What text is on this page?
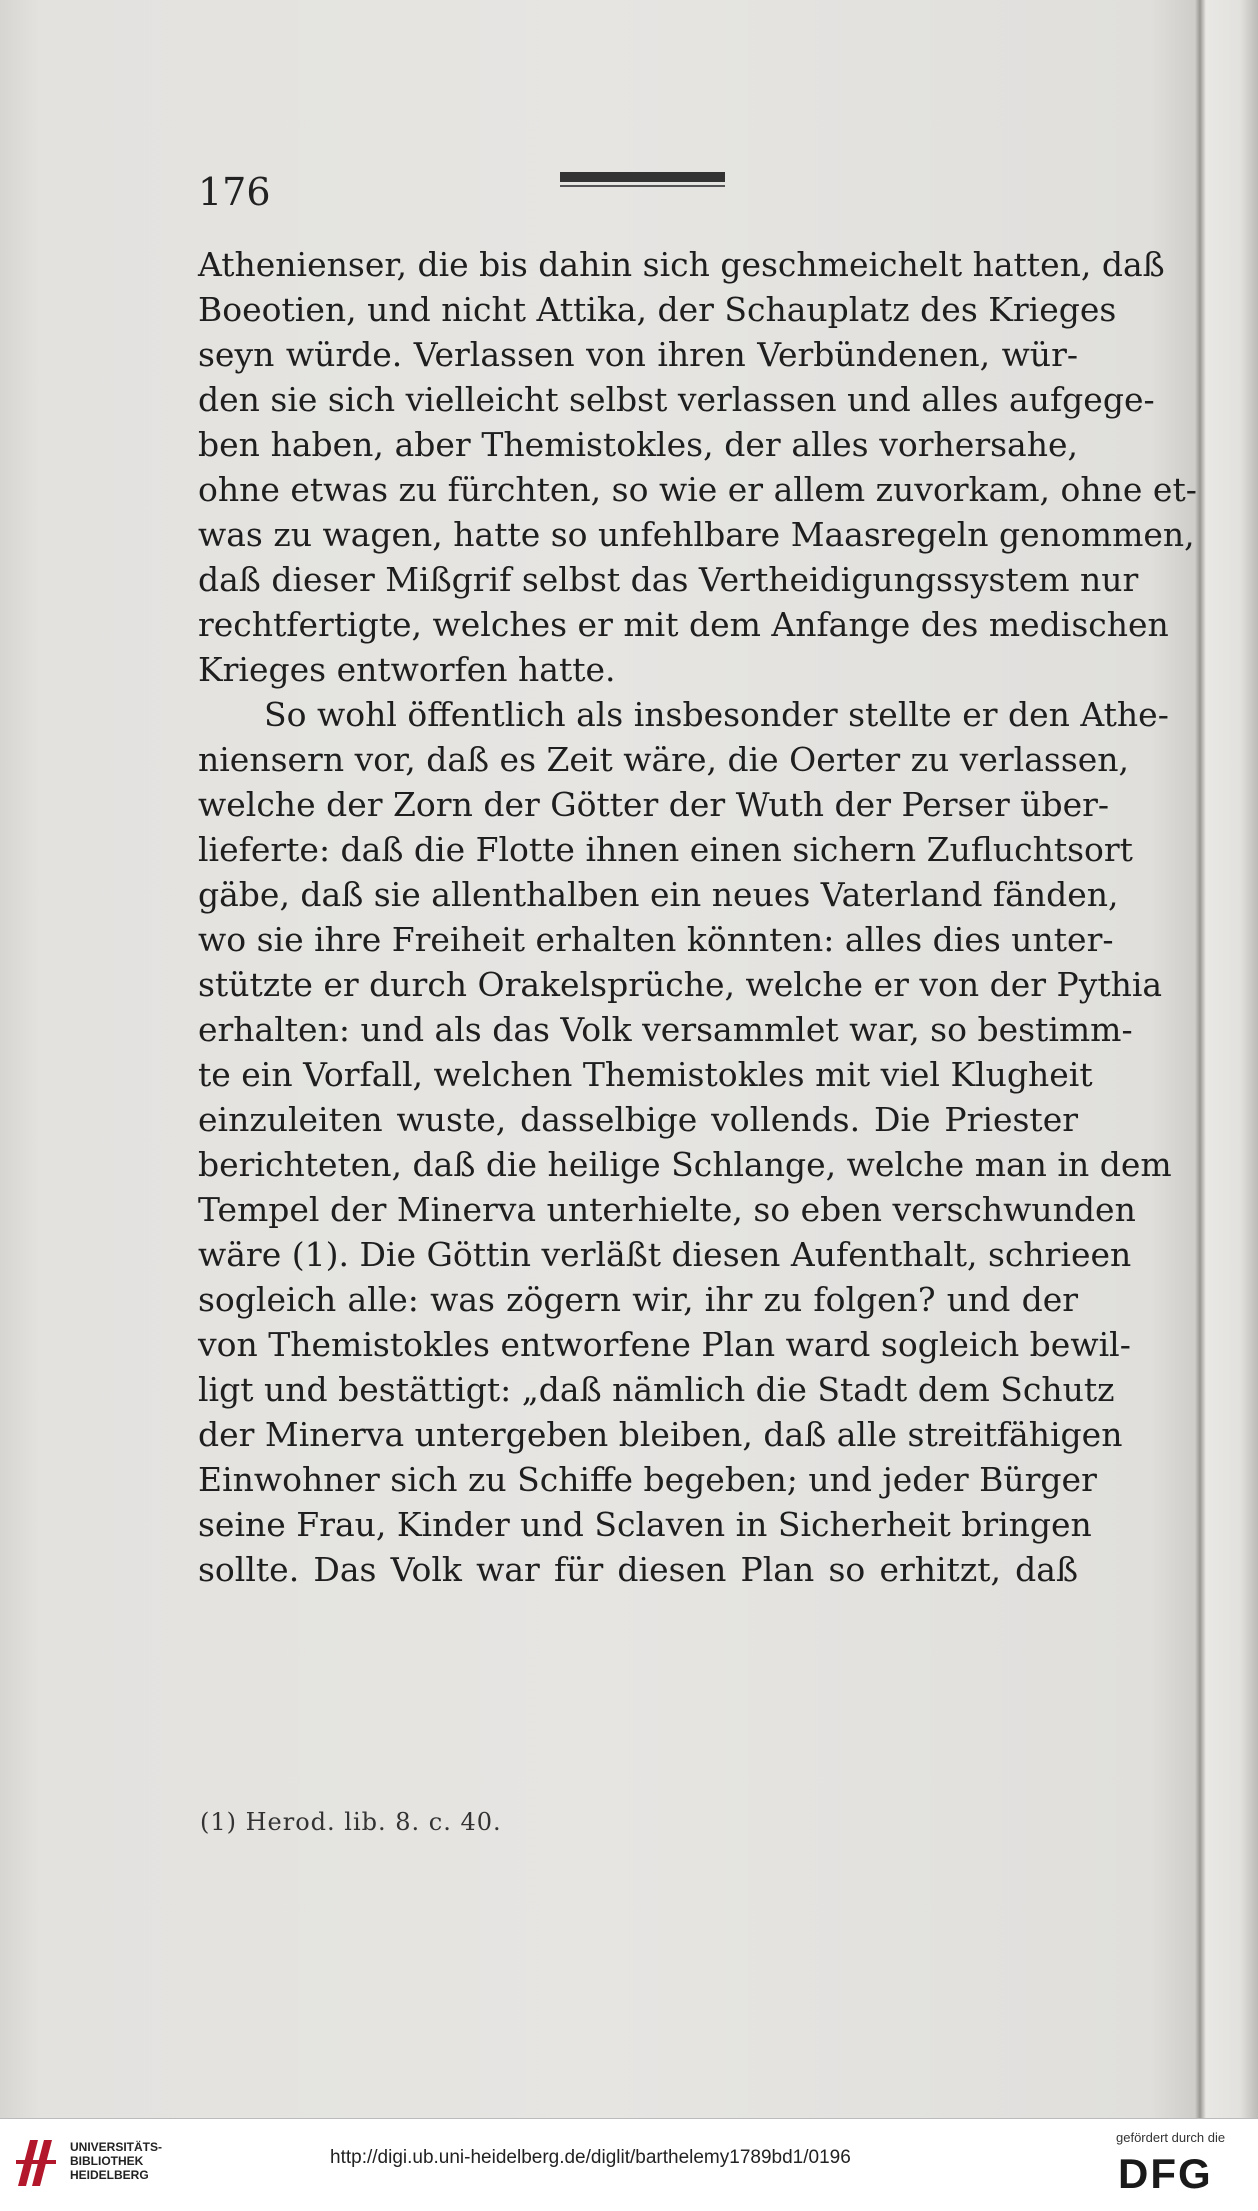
176
Athenienser, die bis dahin sich geschmeichelt hatten, daß
Boeotien, und nicht Attika, der Schauplatz des Krieges
seyn würde. Verlassen von ihren Verbündenen, wür-
den sie sich vielleicht selbst verlassen und alles aufgege-
ben haben, aber Themistokles, der alles vorhersahe,
ohne etwas zu fürchten, so wie er allem zuvorkam, ohne et-
was zu wagen, hatte so unfehlbare Maasregeln genommen,
daß dieser Mißgrif selbst das Vertheidigungssystem nur
rechtfertigte, welches er mit dem Anfange des medischen
Krieges entworfen hatte.
So wohl öffentlich als insbesonder stellte er den Athe-
niensern vor, daß es Zeit wäre, die Oerter zu verlassen,
welche der Zorn der Götter der Wuth der Perser über-
lieferte: daß die Flotte ihnen einen sichern Zufluchtsort
gäbe, daß sie allenthalben ein neues Vaterland fänden,
wo sie ihre Freiheit erhalten könnten: alles dies unter-
stützte er durch Orakelsprüche, welche er von der Pythia
erhalten: und als das Volk versammlet war, so bestimm-
te ein Vorfall, welchen Themistokles mit viel Klugheit
einzuleiten wuste, dasselbige vollends. Die Priester
berichteten, daß die heilige Schlange, welche man in dem
Tempel der Minerva unterhielte, so eben verschwunden
wäre (1). Die Göttin verläßt diesen Aufenthalt, schrieen
sogleich alle: was zögern wir, ihr zu folgen? und der
von Themistokles entworfene Plan ward sogleich bewil-
ligt und bestättigt: „daß nämlich die Stadt dem Schutz
der Minerva untergeben bleiben, daß alle streitfähigen
Einwohner sich zu Schiffe begeben; und jeder Bürger
seine Frau, Kinder und Sclaven in Sicherheit bringen
sollte. Das Volk war für diesen Plan so erhitzt, daß
(1) Herod. lib. 8. c. 40.
UNIVERSITÄTS-
BIBLIOTHEK
HEIDELBERG
http://digi.ub.uni-heidelberg.de/diglit/barthelemy1789bd1/0196
gefördert durch die
DFG
